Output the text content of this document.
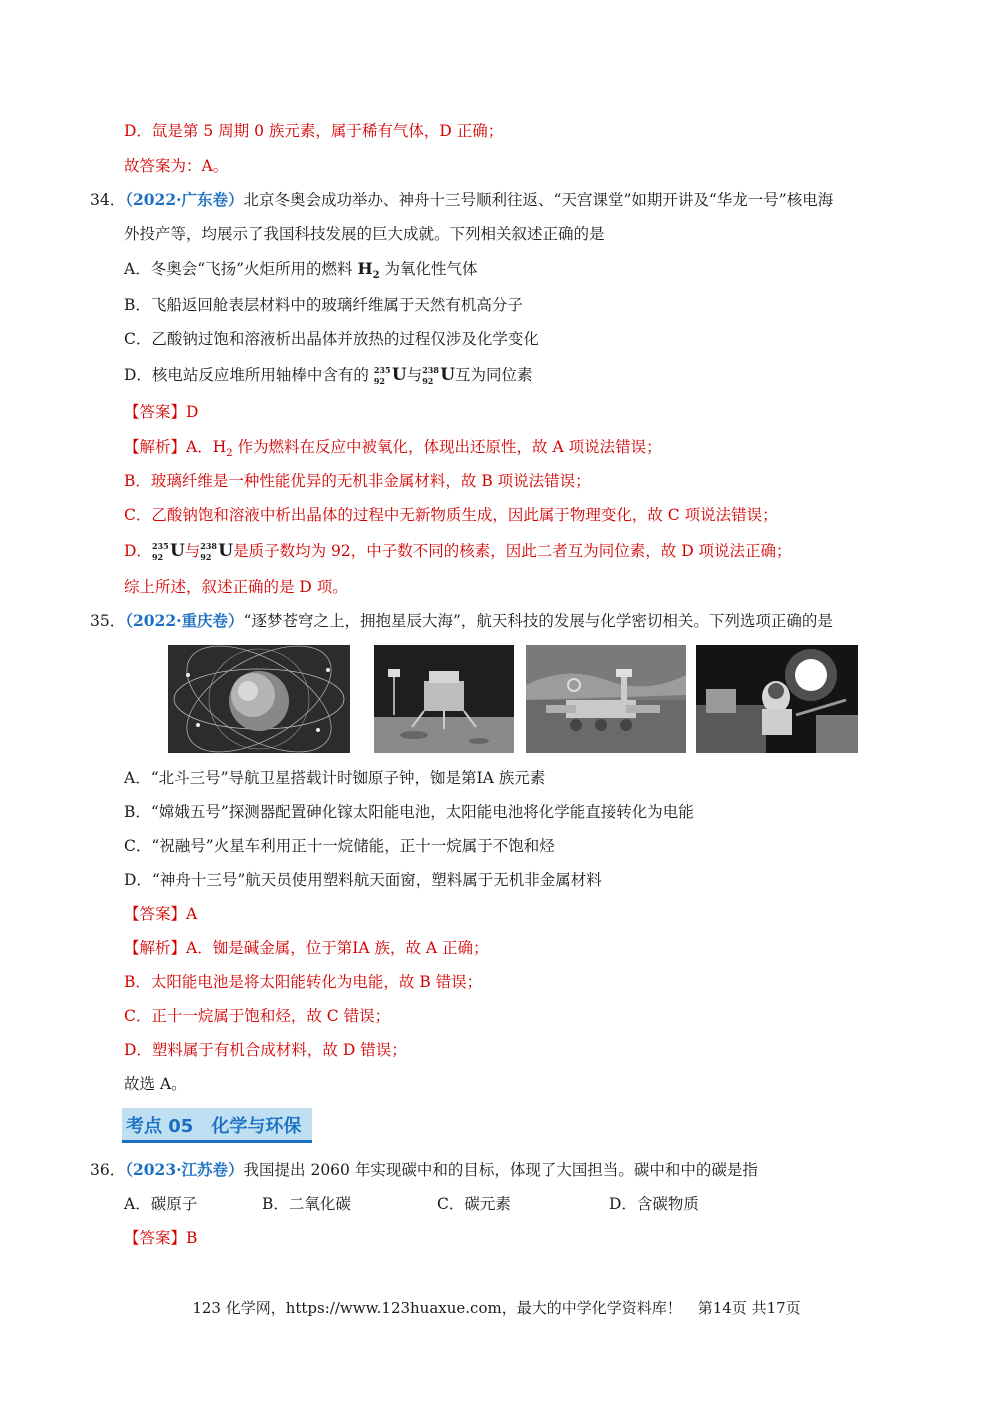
D．氙是第 5 周期 0 族元素，属于稀有气体，D 正确；
故答案为：A。
34．（2022·广东卷）北京冬奥会成功举办、神舟十三号顺利往返、“天宫课堂”如期开讲及“华龙一号”核电海
外投产等，均展示了我国科技发展的巨大成就。下列相关叙述正确的是
A．冬奥会“飞扬”火炬所用的燃料 $H_2$ 为氧化性气体
B．飞船返回舱表层材料中的玻璃纤维属于天然有机高分子
C．乙酸钠过饱和溶液析出晶体并放热的过程仅涉及化学变化
D．核电站反应堆所用轴棒中含有的 235
92 U与 238
92 U互为同位素
【答案】D
【解析】A．$H_2$ 作为燃料在反应中被氧化，体现出还原性，故 A 项说法错误；
B．玻璃纤维是一种性能优异的无机非金属材料，故 B 项说法错误；
C．乙酸钠饱和溶液中析出晶体的过程中无新物质生成，因此属于物理变化，故 C 项说法错误；
D． 235
92 U与 238
92 U是质子数均为 92，中子数不同的核素，因此二者互为同位素，故 D 项说法正确；
综上所述，叙述正确的是 D 项。
35．（2022·重庆卷）“逐梦苍穹之上，拥抱星辰大海”，航天科技的发展与化学密切相关。下列选项正确的是
A．“北斗三号”导航卫星搭载计时铷原子钟，铷是第IA 族元素
B．“嫦娥五号”探测器配置砷化镓太阳能电池，太阳能电池将化学能直接转化为电能
C．“祝融号”火星车利用正十一烷储能，正十一烷属于不饱和烃
D．“神舟十三号”航天员使用塑料航天面窗，塑料属于无机非金属材料
【答案】A
【解析】A．铷是碱金属，位于第IA 族，故 A 正确；
B．太阳能电池是将太阳能转化为电能，故 B 错误；
C．正十一烷属于饱和烃，故 C 错误；
D．塑料属于有机合成材料，故 D 错误；
故选 A。
考点 05　化学与环保
36．（2023·江苏卷）我国提出 2060 年实现碳中和的目标，体现了大国担当。碳中和中的碳是指
A．碳原子	B．二氧化碳	C．碳元素	D．含碳物质
【答案】B
123 化学网，https://www.123huaxue.com，最大的中学化学资料库！ 第14页 共17页
